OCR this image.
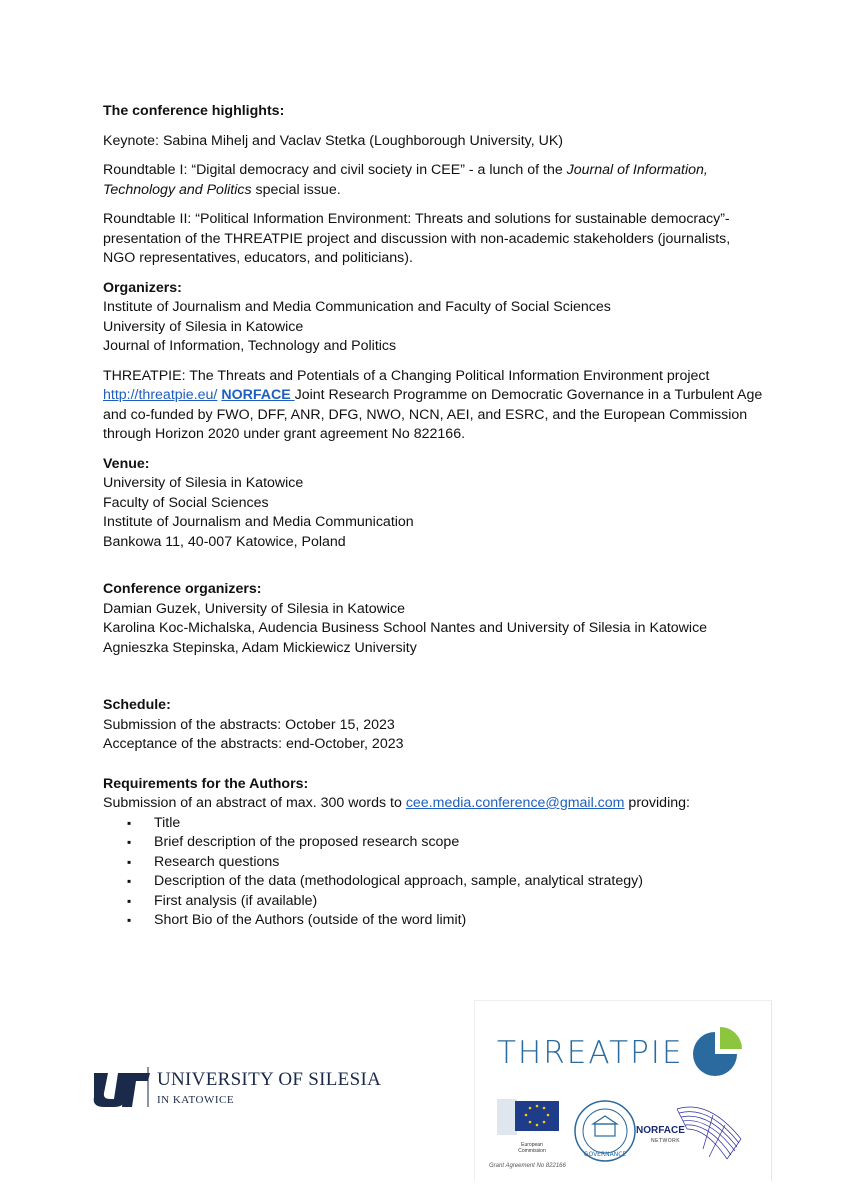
The conference highlights:

Keynote: Sabina Mihelj and Vaclav Stetka (Loughborough University, UK)

Roundtable I: “Digital democracy and civil society in CEE” - a lunch of the Journal of Information, Technology and Politics special issue.

Roundtable II: “Political Information Environment: Threats and solutions for sustainable democracy”- presentation of the THREATPIE project and discussion with non-academic stakeholders (journalists, NGO representatives, educators, and politicians).

Organizers:

Institute of Journalism and Media Communication and Faculty of Social Sciences

University of Silesia in Katowice

Journal of Information, Technology and Politics

THREATPIE: The Threats and Potentials of a Changing Political Information Environment project http://threatpie.eu/ NORFACE Joint Research Programme on Democratic Governance in a Turbulent Age and co-funded by FWO, DFF, ANR, DFG, NWO, NCN, AEI, and ESRC, and the European Commission through Horizon 2020 under grant agreement No 822166.

Venue:

University of Silesia in Katowice

Faculty of Social Sciences

Institute of Journalism and Media Communication

Bankowa 11, 40-007 Katowice, Poland

Conference organizers:

Damian Guzek, University of Silesia in Katowice

Karolina Koc-Michalska, Audencia Business School Nantes and University of Silesia in Katowice

Agnieszka Stepinska, Adam Mickiewicz University

Schedule:

Submission of the abstracts: October 15, 2023

Acceptance of the abstracts: end-October, 2023

Requirements for the Authors:

Submission of an abstract of max. 300 words to cee.media.conference@gmail.com providing:

▪ Title
▪ Brief description of the proposed research scope
▪ Research questions
▪ Description of the data (methodological approach, sample, analytical strategy)
▪ First analysis (if available)
▪ Short Bio of the Authors (outside of the word limit)
UNIVERSITY OF SILESIA
IN KATOWICE
THREATPIE
European Commission
Grant Agreement No 822166
GOVERNANCE
NORFACE
NETWORK
